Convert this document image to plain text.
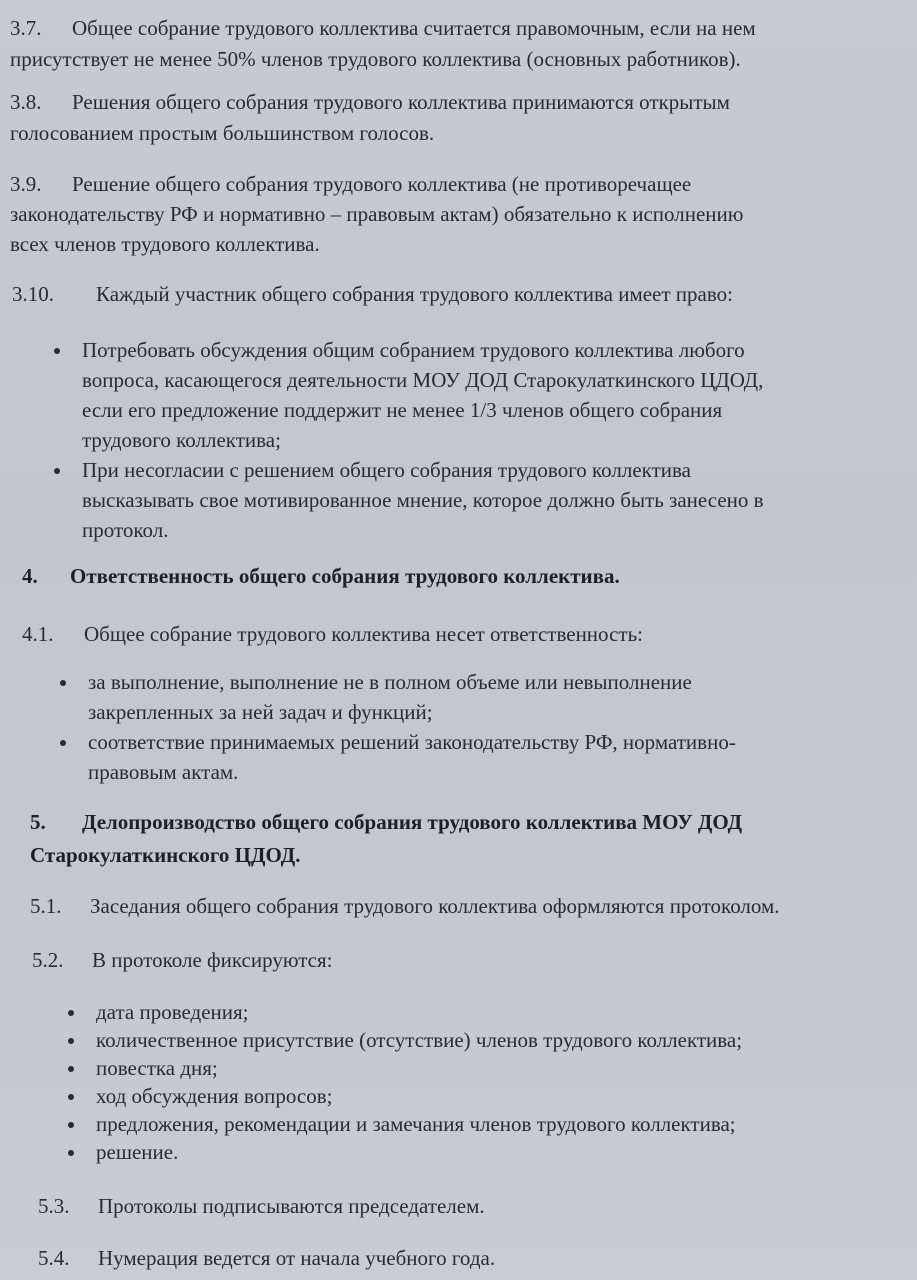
3.7. Общее собрание трудового коллектива считается правомочным, если на нем
присутствует не менее 50% членов трудового коллектива (основных работников).
3.8. Решения общего собрания трудового коллектива принимаются открытым
голосованием простым большинством голосов.
3.9. Решение общего собрания трудового коллектива (не противоречащее
законодательству РФ и нормативно – правовым актам) обязательно к исполнению
всех членов трудового коллектива.
3.10. Каждый участник общего собрания трудового коллектива имеет право:
Потребовать обсуждения общим собранием трудового коллектива любого
вопроса, касающегося деятельности МОУ ДОД Старокулаткинского ЦДОД,
если его предложение поддержит не менее 1/3 членов общего собрания
трудового коллектива;
При несогласии с решением общего собрания трудового коллектива
высказывать свое мотивированное мнение, которое должно быть занесено в
протокол.
4. Ответственность общего собрания трудового коллектива.
4.1. Общее собрание трудового коллектива несет ответственность:
за выполнение, выполнение не в полном объеме или невыполнение
закрепленных за ней задач и функций;
соответствие принимаемых решений законодательству РФ, нормативно-
правовым актам.
5. Делопроизводство общего собрания трудового коллектива МОУ ДОД
Старокулаткинского ЦДОД.
5.1. Заседания общего собрания трудового коллектива оформляются протоколом.
5.2. В протоколе фиксируются:
дата проведения;
количественное присутствие (отсутствие) членов трудового коллектива;
повестка дня;
ход обсуждения вопросов;
предложения, рекомендации и замечания членов трудового коллектива;
решение.
5.3. Протоколы подписываются председателем.
5.4. Нумерация ведется от начала учебного года.
